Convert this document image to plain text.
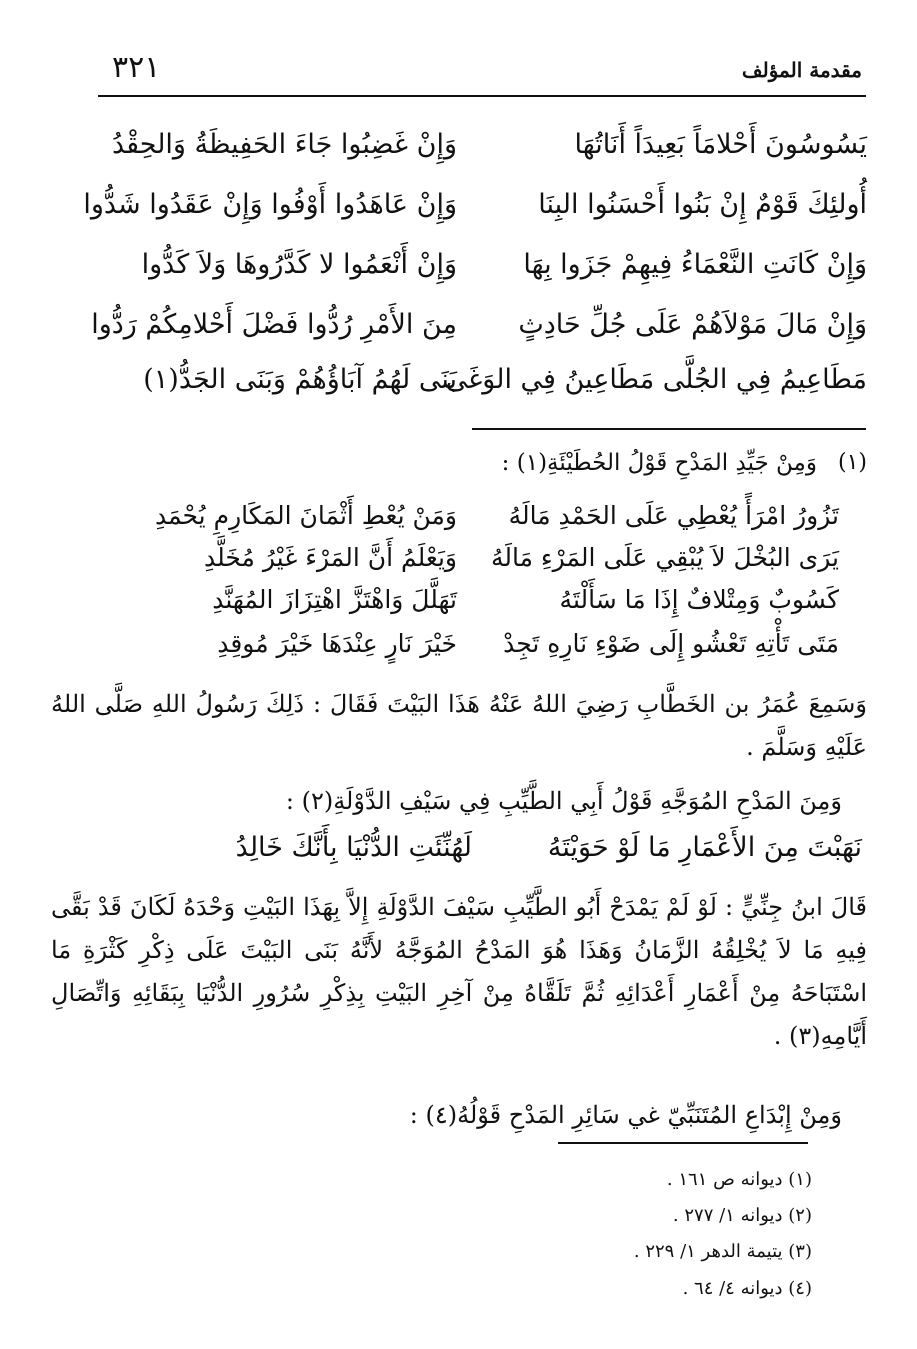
مقدمة المؤلف
٣٢١
يَسُوسُونَ أَحْلامَاً بَعِيدَاً أَنَاتُهَا
وَإِنْ غَضِبُوا جَاءَ الحَفِيظَةُ وَالحِقْدُ
أُولئِكَ قَوْمٌ إِنْ بَنُوا أَحْسَنُوا البِنَا
وَإِنْ عَاهَدُوا أَوْفُوا وَإِنْ عَقَدُوا شَدُّوا
وَإِنْ كَانَتِ النَّعْمَاءُ فِيهِمْ جَزَوا بِهَا
وَإِنْ أَنْعَمُوا لا كَدَّرُوهَا وَلاَ كَدُّوا
وَإِنْ مَالَ مَوْلاَهُمْ عَلَى جُلِّ حَادِثٍ
مِنَ الأَمْرِ رُدُّوا فَضْلَ أَحْلامِكُمْ رَدُّوا
مَطَاعِيمُ فِي الجُلَّى مَطَاعِينُ فِي الوَغَى
بَنَى لَهُمُ آبَاؤُهُمْ وَبَنَى الجَدُّ(١)
(١)
وَمِنْ جَيِّدِ المَدْحِ قَوْلُ الحُطَيْئَةِ(١) :
تَزُورُ امْرَأً يُعْطِي عَلَى الحَمْدِ مَالَهُ
وَمَنْ يُعْطِ أَثْمَانَ المَكَارِمِ يُحْمَدِ
يَرَى البُخْلَ لاَ يُبْقِي عَلَى المَرْءِ مَالَهُ
وَيَعْلَمُ أَنَّ المَرْءَ غَيْرُ مُخَلَّدِ
كَسُوبٌ وَمِتْلافٌ إِذَا مَا سَأَلْتَهُ
تَهَلَّلَ وَاهْتَزَّ اهْتِزَازَ المُهَنَّدِ
مَتَى تَأْتِهِ تَعْشُو إِلَى ضَوْءِ نَارِهِ تَجِدْ
خَيْرَ نَارٍ عِنْدَهَا خَيْرَ مُوقِدِ
وَسَمِعَ عُمَرُ بن الخَطَّابِ رَضِيَ اللهُ عَنْهُ هَذَا البَيْتَ فَقَالَ : ذَلِكَ رَسُولُ اللهِ صَلَّى اللهُ عَلَيْهِ وَسَلَّمَ .
وَمِنَ المَدْحِ المُوَجَّهِ قَوْلُ أَبِي الطَّيِّبِ فِي سَيْفِ الدَّوْلَةِ(٢) :
نَهَبْتَ مِنَ الأَعْمَارِ مَا لَوْ حَوَيْتَهُ
لَهُنِّئَتِ الدُّنْيَا بِأَنَّكَ خَالِدُ
قَالَ ابنُ جِنِّيٍّ : لَوْ لَمْ يَمْدَحْ أَبُو الطَّيِّبِ سَيْفَ الدَّوْلَةِ إِلاَّ بِهَذَا البَيْتِ وَحْدَهُ لَكَانَ قَدْ بَقَّى فِيهِ مَا لاَ يُخْلِقُهُ الزَّمَانُ وَهَذَا هُوَ المَدْحُ المُوَجَّهُ لأَنَّهُ بَنَى البَيْتَ عَلَى ذِكْرِ كَثْرَةِ مَا اسْتَبَاحَهُ مِنْ أَعْمَارِ أَعْدَائِهِ ثُمَّ تَلَقَّاهُ مِنْ آخِرِ البَيْتِ بِذِكْرِ سُرُورِ الدُّنْيَا بِبَقَائِهِ وَاتِّصَالِ أَيَّامِهِ(٣) .
وَمِنْ إِبْدَاعِ المُتَنَبِّيّ غي سَائِرِ المَدْحِ قَوْلُهُ(٤) :
(١) ديوانه ص ١٦١ .
(٢) ديوانه ١/ ٢٧٧ .
(٣) يتيمة الدهر ١/ ٢٢٩ .
(٤) ديوانه ٤/ ٦٤ .
